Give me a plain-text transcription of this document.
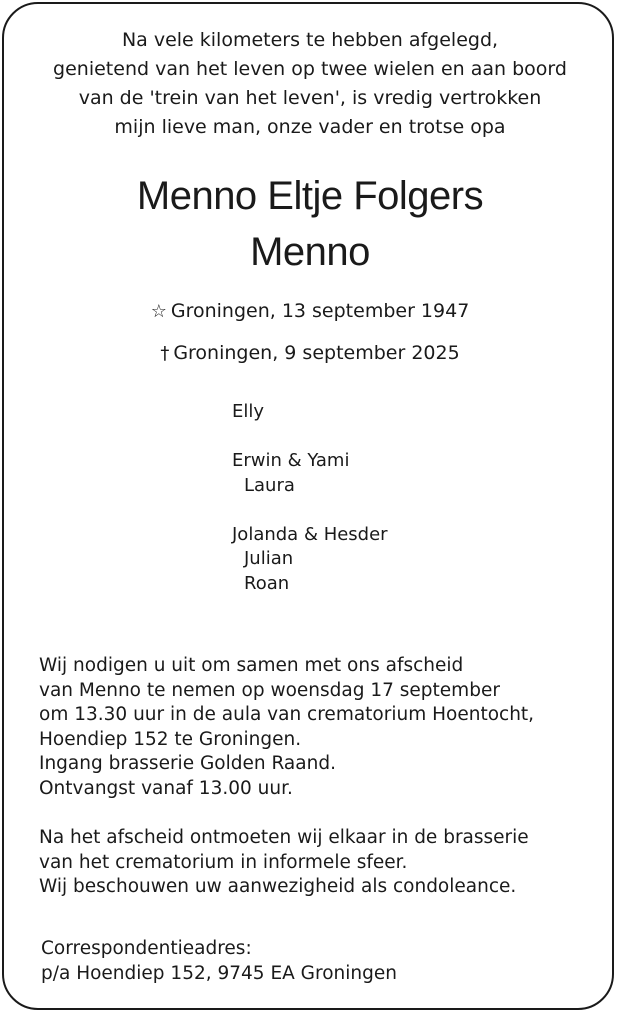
Na vele kilometers te hebben afgelegd,
genietend van het leven op twee wielen en aan boord
van de 'trein van het leven', is vredig vertrokken
mijn lieve man, onze vader en trotse opa
Menno Eltje Folgers
Menno
☆ Groningen, 13 september 1947
† Groningen, 9 september 2025
Elly
Erwin & Yami
Laura
Jolanda & Hesder
Julian
Roan
Wij nodigen u uit om samen met ons afscheid
van Menno te nemen op woensdag 17 september
om 13.30 uur in de aula van crematorium Hoentocht,
Hoendiep 152 te Groningen.
Ingang brasserie Golden Raand.
Ontvangst vanaf 13.00 uur.
Na het afscheid ontmoeten wij elkaar in de brasserie
van het crematorium in informele sfeer.
Wij beschouwen uw aanwezigheid als condoleance.
Correspondentieadres:
p/a Hoendiep 152, 9745 EA Groningen
